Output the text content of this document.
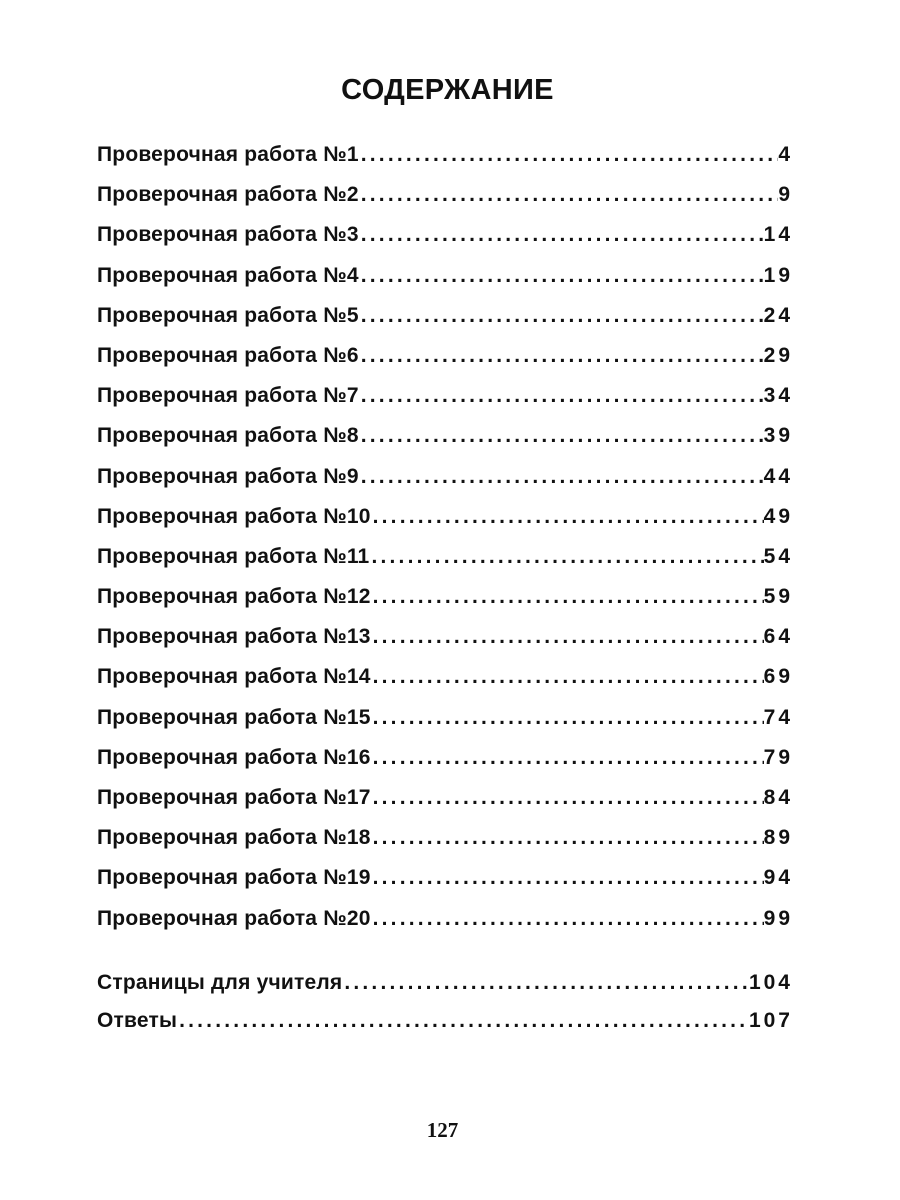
СОДЕРЖАНИЕ
Проверочная работа №1 .....	4
Проверочная работа №2 .....	9
Проверочная работа №3 .....	14
Проверочная работа №4 .....	19
Проверочная работа №5 .....	24
Проверочная работа №6 .....	29
Проверочная работа №7 .....	34
Проверочная работа №8 .....	39
Проверочная работа №9 .....	44
Проверочная работа №10 .....	49
Проверочная работа №11 .....	54
Проверочная работа №12 .....	59
Проверочная работа №13 .....	64
Проверочная работа №14 .....	69
Проверочная работа №15 .....	74
Проверочная работа №16 .....	79
Проверочная работа №17 .....	84
Проверочная работа №18 .....	89
Проверочная работа №19 .....	94
Проверочная работа №20 .....	99
Страницы для учителя .....	104
Ответы .....	107
127
